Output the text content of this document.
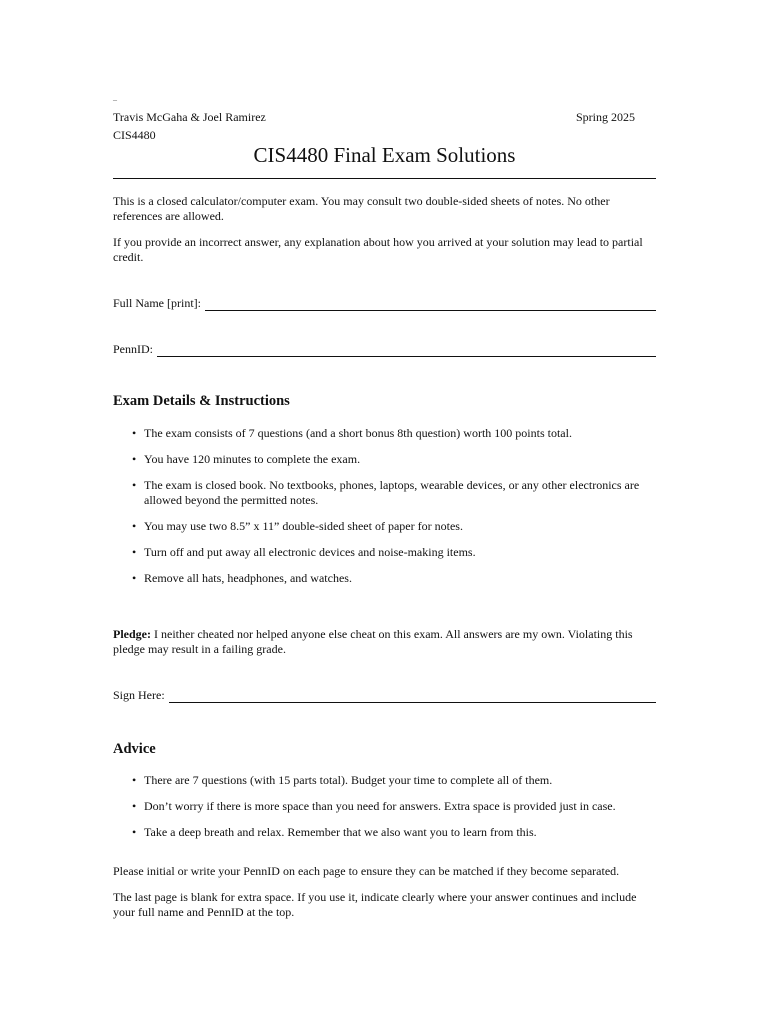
–
Travis McGaha & Joel Ramirez	Spring 2025
CIS4480
CIS4480 Final Exam Solutions
This is a closed calculator/computer exam. You may consult two double-sided sheets of notes. No other references are allowed.
If you provide an incorrect answer, any explanation about how you arrived at your solution may lead to partial credit.
Full Name [print]:
PennID:
Exam Details & Instructions
• The exam consists of 7 questions (and a short bonus 8th question) worth 100 points total.
• You have 120 minutes to complete the exam.
• The exam is closed book. No textbooks, phones, laptops, wearable devices, or any other electronics are allowed beyond the permitted notes.
• You may use two 8.5” x 11” double-sided sheet of paper for notes.
• Turn off and put away all electronic devices and noise-making items.
• Remove all hats, headphones, and watches.
Pledge: I neither cheated nor helped anyone else cheat on this exam. All answers are my own. Violating this pledge may result in a failing grade.
Sign Here:
Advice
• There are 7 questions (with 15 parts total). Budget your time to complete all of them.
• Don’t worry if there is more space than you need for answers. Extra space is provided just in case.
• Take a deep breath and relax. Remember that we also want you to learn from this.
Please initial or write your PennID on each page to ensure they can be matched if they become separated.
The last page is blank for extra space. If you use it, indicate clearly where your answer continues and include your full name and PennID at the top.
